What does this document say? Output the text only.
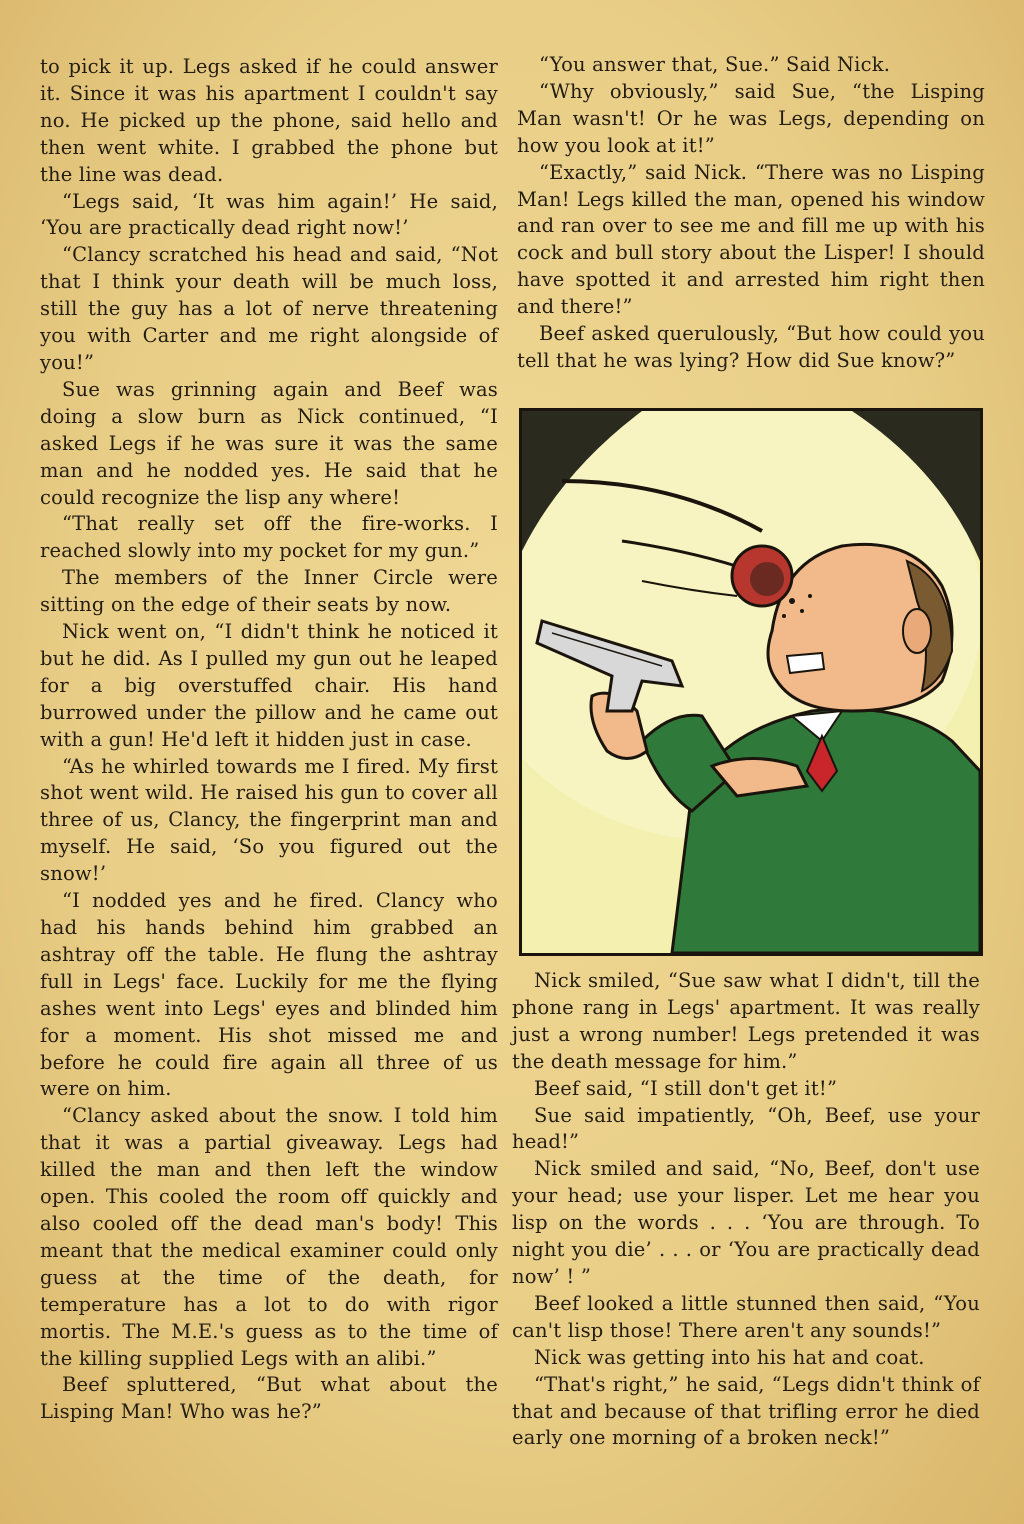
to pick it up. Legs asked if he could answer it. Since it was his apartment I couldn't say no. He picked up the phone, said hello and then went white. I grabbed the phone but the line was dead.

“Legs said, ‘It was him again!’ He said, ‘You are practically dead right now!’

“Clancy scratched his head and said, “Not that I think your death will be much loss, still the guy has a lot of nerve threatening you with Carter and me right alongside of you!”

Sue was grinning again and Beef was doing a slow burn as Nick continued, “I asked Legs if he was sure it was the same man and he nodded yes. He said that he could recognize the lisp any where!

“That really set off the fire-works. I reached slowly into my pocket for my gun.”

The members of the Inner Circle were sitting on the edge of their seats by now.

Nick went on, “I didn't think he noticed it but he did. As I pulled my gun out he leaped for a big overstuffed chair. His hand burrowed under the pillow and he came out with a gun! He'd left it hidden just in case.

“As he whirled towards me I fired. My first shot went wild. He raised his gun to cover all three of us, Clancy, the fingerprint man and myself. He said, ‘So you figured out the snow!’

“I nodded yes and he fired. Clancy who had his hands behind him grabbed an ashtray off the table. He flung the ashtray full in Legs' face. Luckily for me the flying ashes went into Legs' eyes and blinded him for a moment. His shot missed me and before he could fire again all three of us were on him.

“Clancy asked about the snow. I told him that it was a partial giveaway. Legs had killed the man and then left the window open. This cooled the room off quickly and also cooled off the dead man's body! This meant that the medical examiner could only guess at the time of the death, for temperature has a lot to do with rigor mortis. The M.E.'s guess as to the time of the killing supplied Legs with an alibi.”

Beef spluttered, “But what about the Lisping Man! Who was he?”

“You answer that, Sue.” Said Nick.

“Why obviously,” said Sue, “the Lisping Man wasn't! Or he was Legs, depending on how you look at it!”

“Exactly,” said Nick. “There was no Lisping Man! Legs killed the man, opened his window and ran over to see me and fill me up with his cock and bull story about the Lisper! I should have spotted it and arrested him right then and there!”

Beef asked querulously, “But how could you tell that he was lying? How did Sue know?”

Nick smiled, “Sue saw what I didn't, till the phone rang in Legs' apartment. It was really just a wrong number! Legs pretended it was the death message for him.”

Beef said, “I still don't get it!”

Sue said impatiently, “Oh, Beef, use your head!”

Nick smiled and said, “No, Beef, don't use your head; use your lisper. Let me hear you lisp on the words . . . ‘You are through. To night you die’ . . . or ‘You are practically dead now’ ! ”

Beef looked a little stunned then said, “You can't lisp those! There aren't any sounds!”

Nick was getting into his hat and coat.

“That's right,” he said, “Legs didn't think of that and because of that trifling error he died early one morning of a broken neck!”
